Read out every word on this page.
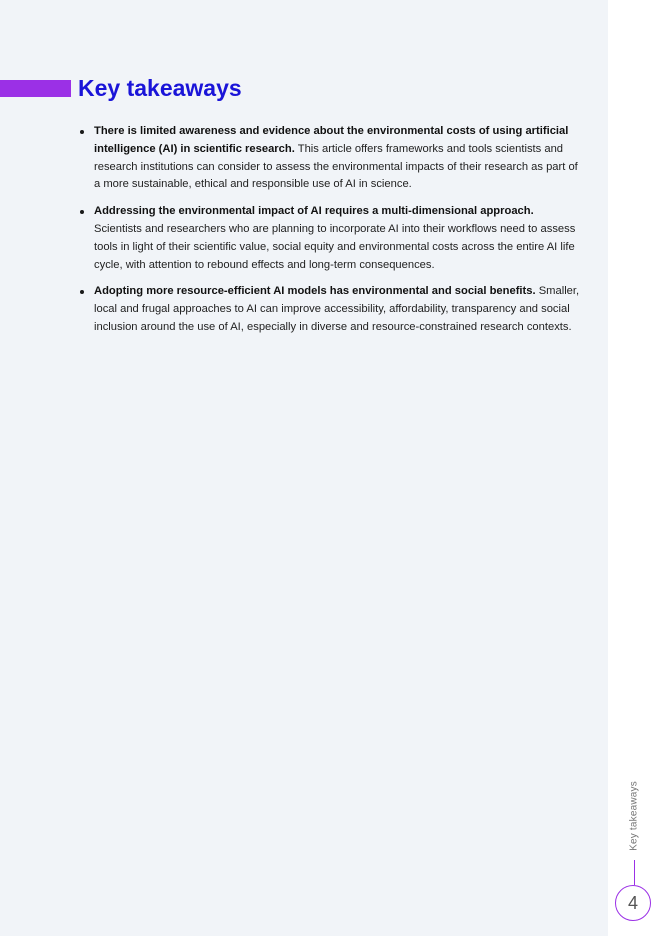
Key takeaways
There is limited awareness and evidence about the environmental costs of using artificial intelligence (AI) in scientific research. This article offers frameworks and tools scientists and research institutions can consider to assess the environmental impacts of their research as part of a more sustainable, ethical and responsible use of AI in science.
Addressing the environmental impact of AI requires a multi-dimensional approach. Scientists and researchers who are planning to incorporate AI into their workflows need to assess tools in light of their scientific value, social equity and environmental costs across the entire AI life cycle, with attention to rebound effects and long-term consequences.
Adopting more resource-efficient AI models has environmental and social benefits. Smaller, local and frugal approaches to AI can improve accessibility, affordability, transparency and social inclusion around the use of AI, especially in diverse and resource-constrained research contexts.
Key takeaways
4
